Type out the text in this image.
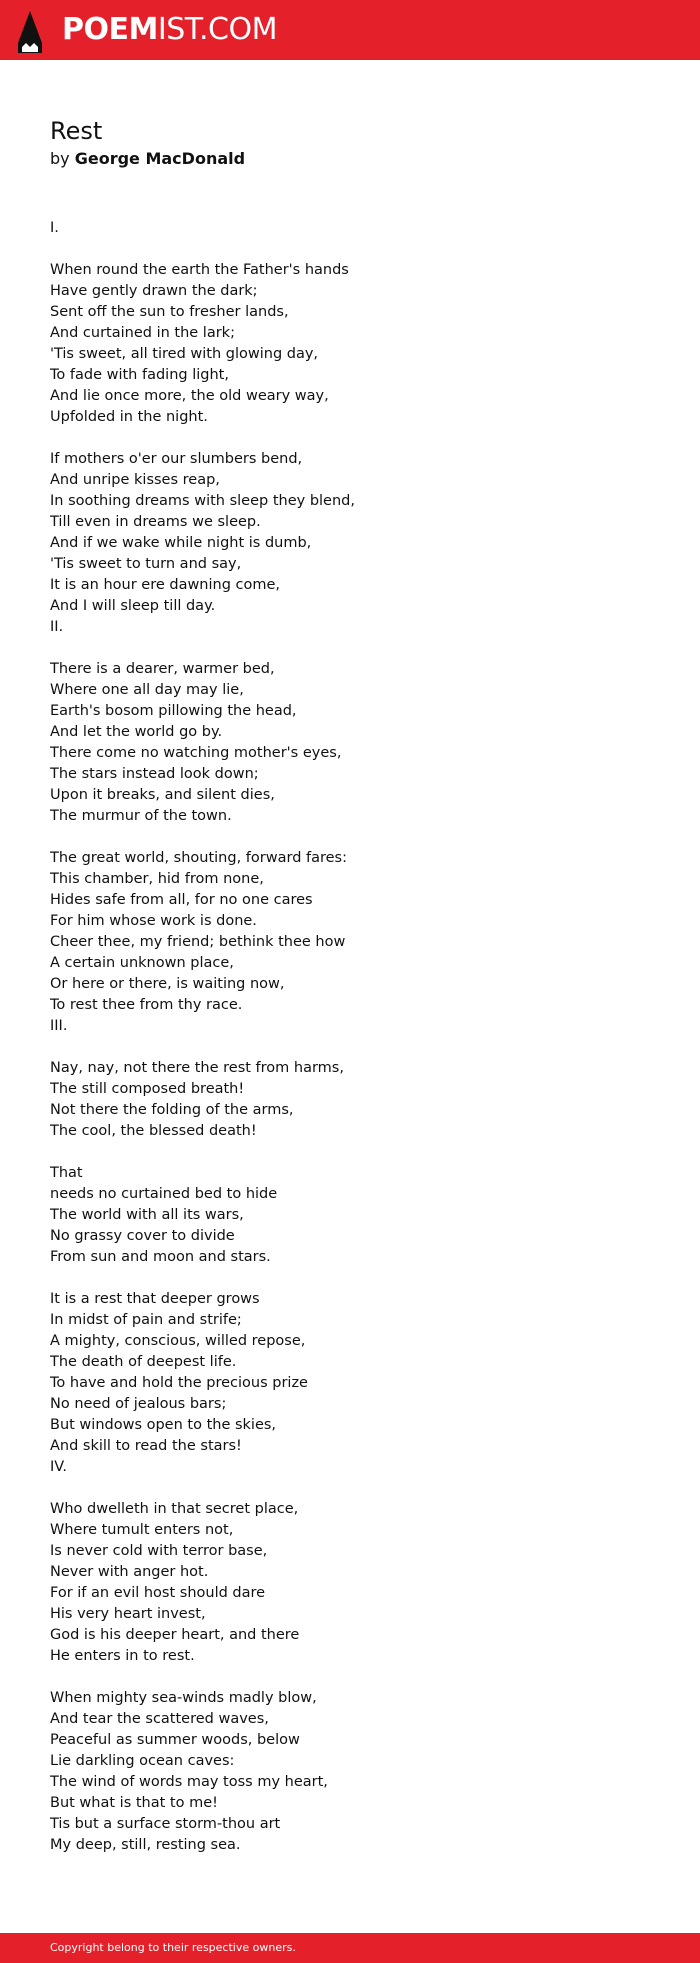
POEMIST.COM
Rest
by George MacDonald
I.
When round the earth the Father's hands
Have gently drawn the dark;
Sent off the sun to fresher lands,
And curtained in the lark;
'Tis sweet, all tired with glowing day,
To fade with fading light,
And lie once more, the old weary way,
Upfolded in the night.
If mothers o'er our slumbers bend,
And unripe kisses reap,
In soothing dreams with sleep they blend,
Till even in dreams we sleep.
And if we wake while night is dumb,
'Tis sweet to turn and say,
It is an hour ere dawning come,
And I will sleep till day.
II.
There is a dearer, warmer bed,
Where one all day may lie,
Earth's bosom pillowing the head,
And let the world go by.
There come no watching mother's eyes,
The stars instead look down;
Upon it breaks, and silent dies,
The murmur of the town.
The great world, shouting, forward fares:
This chamber, hid from none,
Hides safe from all, for no one cares
For him whose work is done.
Cheer thee, my friend; bethink thee how
A certain unknown place,
Or here or there, is waiting now,
To rest thee from thy race.
III.
Nay, nay, not there the rest from harms,
The still composed breath!
Not there the folding of the arms,
The cool, the blessed death!
That
needs no curtained bed to hide
The world with all its wars,
No grassy cover to divide
From sun and moon and stars.
It is a rest that deeper grows
In midst of pain and strife;
A mighty, conscious, willed repose,
The death of deepest life.
To have and hold the precious prize
No need of jealous bars;
But windows open to the skies,
And skill to read the stars!
IV.
Who dwelleth in that secret place,
Where tumult enters not,
Is never cold with terror base,
Never with anger hot.
For if an evil host should dare
His very heart invest,
God is his deeper heart, and there
He enters in to rest.
When mighty sea-winds madly blow,
And tear the scattered waves,
Peaceful as summer woods, below
Lie darkling ocean caves:
The wind of words may toss my heart,
But what is that to me!
Tis but a surface storm-thou art
My deep, still, resting sea.
Copyright belong to their respective owners.
